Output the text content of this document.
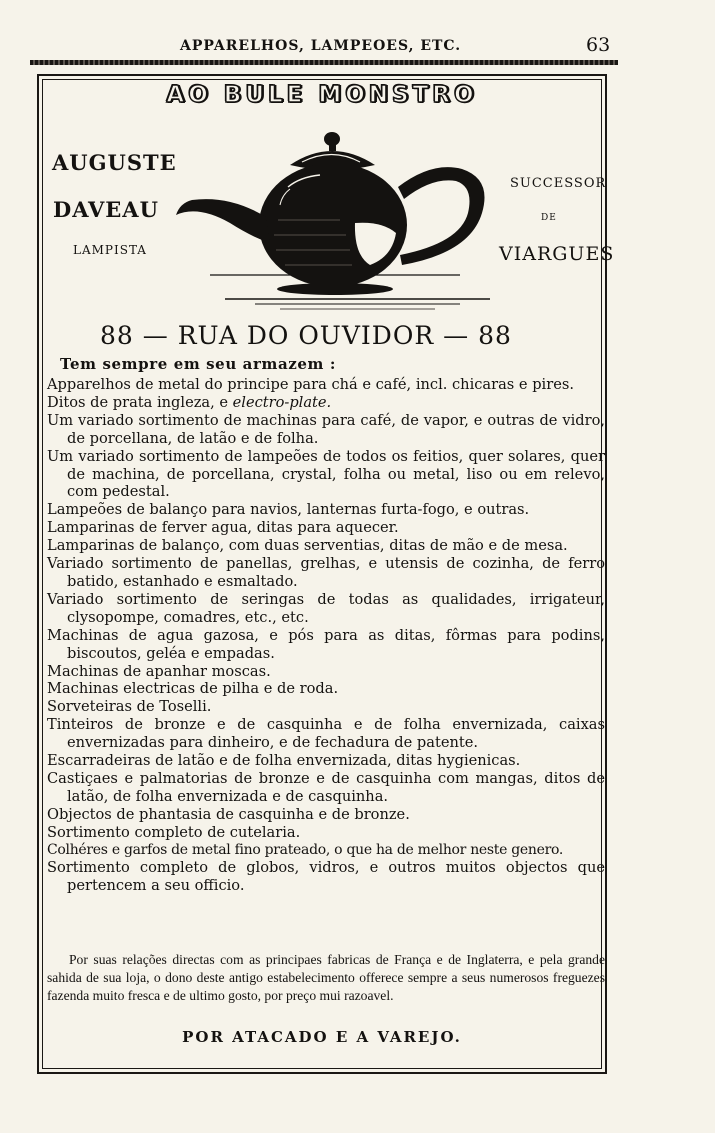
APPARELHOS, LAMPEOES, ETC.	63
AO BULE MONSTRO
AUGUSTE
DAVEAU
LAMPISTA
SUCCESSOR
DE
VIARGUES
88 — RUA DO OUVIDOR — 88
Tem sempre em seu armazem :
Apparelhos de metal do principe para chá e café, incl. chicaras e pires.
Ditos de prata ingleza, e electro-plate.
Um variado sortimento de machinas para café, de vapor, e outras de vidro, de porcellana, de latão e de folha.
Um variado sortimento de lampeões de todos os feitios, quer solares, quer de machina, de porcellana, crystal, folha ou metal, liso ou em relevo, com pedestal.
Lampeões de balanço para navios, lanternas furta-fogo, e outras.
Lamparinas de ferver agua, ditas para aquecer.
Lamparinas de balanço, com duas serventias, ditas de mão e de mesa.
Variado sortimento de panellas, grelhas, e utensis de cozinha, de ferro batido, estanhado e esmaltado.
Variado sortimento de seringas de todas as qualidades, irrigateur, clysopompe, comadres, etc., etc.
Machinas de agua gazosa, e pós para as ditas, fôrmas para podins, biscoutos, geléa e empadas.
Machinas de apanhar moscas.
Machinas electricas de pilha e de roda.
Sorveteiras de Toselli.
Tinteiros de bronze e de casquinha e de folha envernizada, caixas envernizadas para dinheiro, e de fechadura de patente.
Escarradeiras de latão e de folha envernizada, ditas hygienicas.
Castiçaes e palmatorias de bronze e de casquinha com mangas, ditos de latão, de folha envernizada e de casquinha.
Objectos de phantasia de casquinha e de bronze.
Sortimento completo de cutelaria.
Colhéres e garfos de metal fino prateado, o que ha de melhor neste genero.
Sortimento completo de globos, vidros, e outros muitos objectos que pertencem a seu officio.
Por suas relações directas com as principaes fabricas de França e de Inglaterra, e pela grande sahida de sua loja, o dono deste antigo estabelecimento offerece sempre a seus numerosos freguezes fazenda muito fresca e de ultimo gosto, por preço mui razoavel.
POR ATACADO E A VAREJO.
